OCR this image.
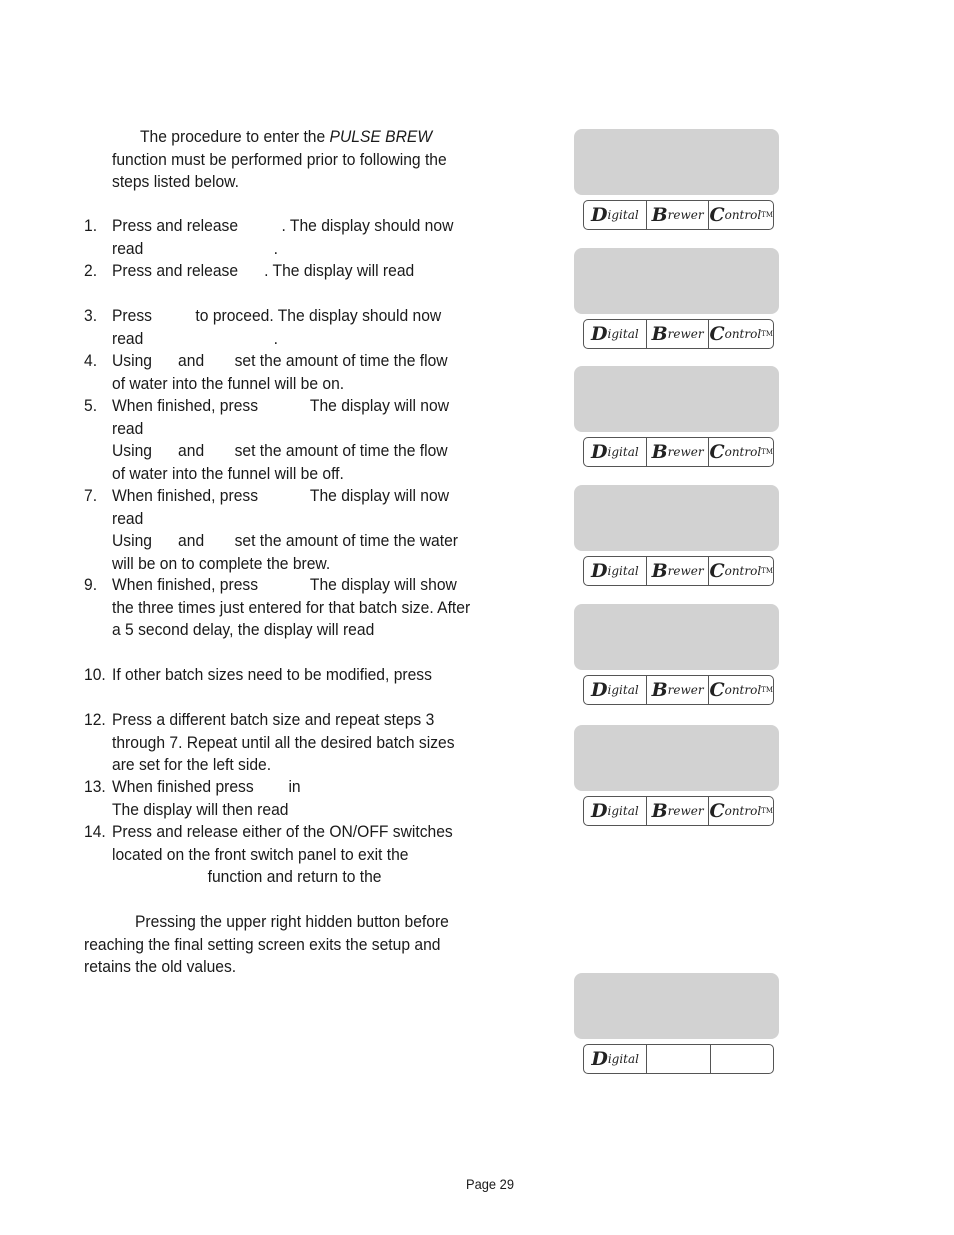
The procedure to enter the PULSE BREW
function must be performed prior to following the
steps listed below.
1. Press and release          . The display should now
read                              .
2. Press and release      . The display will read
3. Press          to proceed. The display should now
read                              .
4. Using      and       set the amount of time the flow
of water into the funnel will be on.
5. When finished, press            The display will now
read
Using      and       set the amount of time the flow
of water into the funnel will be off.
7. When finished, press            The display will now
read
Using      and       set the amount of time the water
will be on to complete the brew.
9. When finished, press            The display will show
the three times just entered for that batch size. After
a 5 second delay, the display will read
10. If other batch sizes need to be modified, press
12. Press a different batch size and repeat steps 3
through 7. Repeat until all the desired batch sizes
are set for the left side.
13. When finished press        in
The display will then read
14. Press and release either of the ON/OFF switches
located on the front switch panel to exit the
function and return to the
Pressing the upper right hidden button before
reaching the final setting screen exits the setup and
retains the old values.
D igital B rewer C ontrol TM
D igital B rewer C ontrol TM
D igital B rewer C ontrol TM
D igital B rewer C ontrol TM
D igital B rewer C ontrol TM
D igital B rewer C ontrol TM
D igital
Page 29
